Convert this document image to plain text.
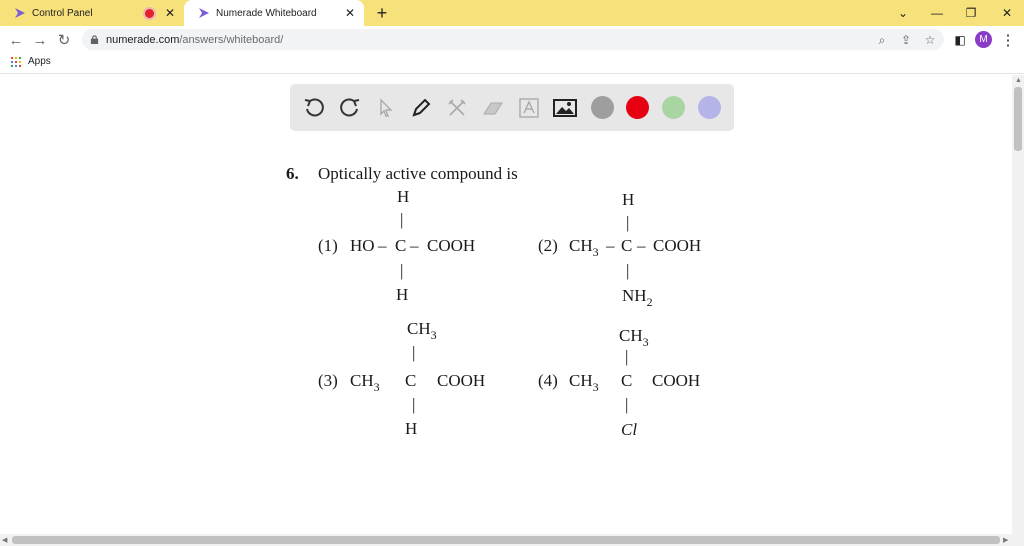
Control Panel	✕	Numerade Whiteboard	✕ +	⌄	—	❐	✕
← → ↻	numerade.com/answers/whiteboard/	⌕	⇪ ☆	◧ ⋮
M
Apps
6. Optically active compound is
H
|
(1) HO – C – COOH
|
H
H
|
(2) $CH_3$ – C – COOH
|
$NH_2$
$CH_3$
|
(3) $CH_3$ C COOH
|
H
$CH_3$
|
(4) $CH_3$ C COOH
|
Cl
▲
◀	▶
